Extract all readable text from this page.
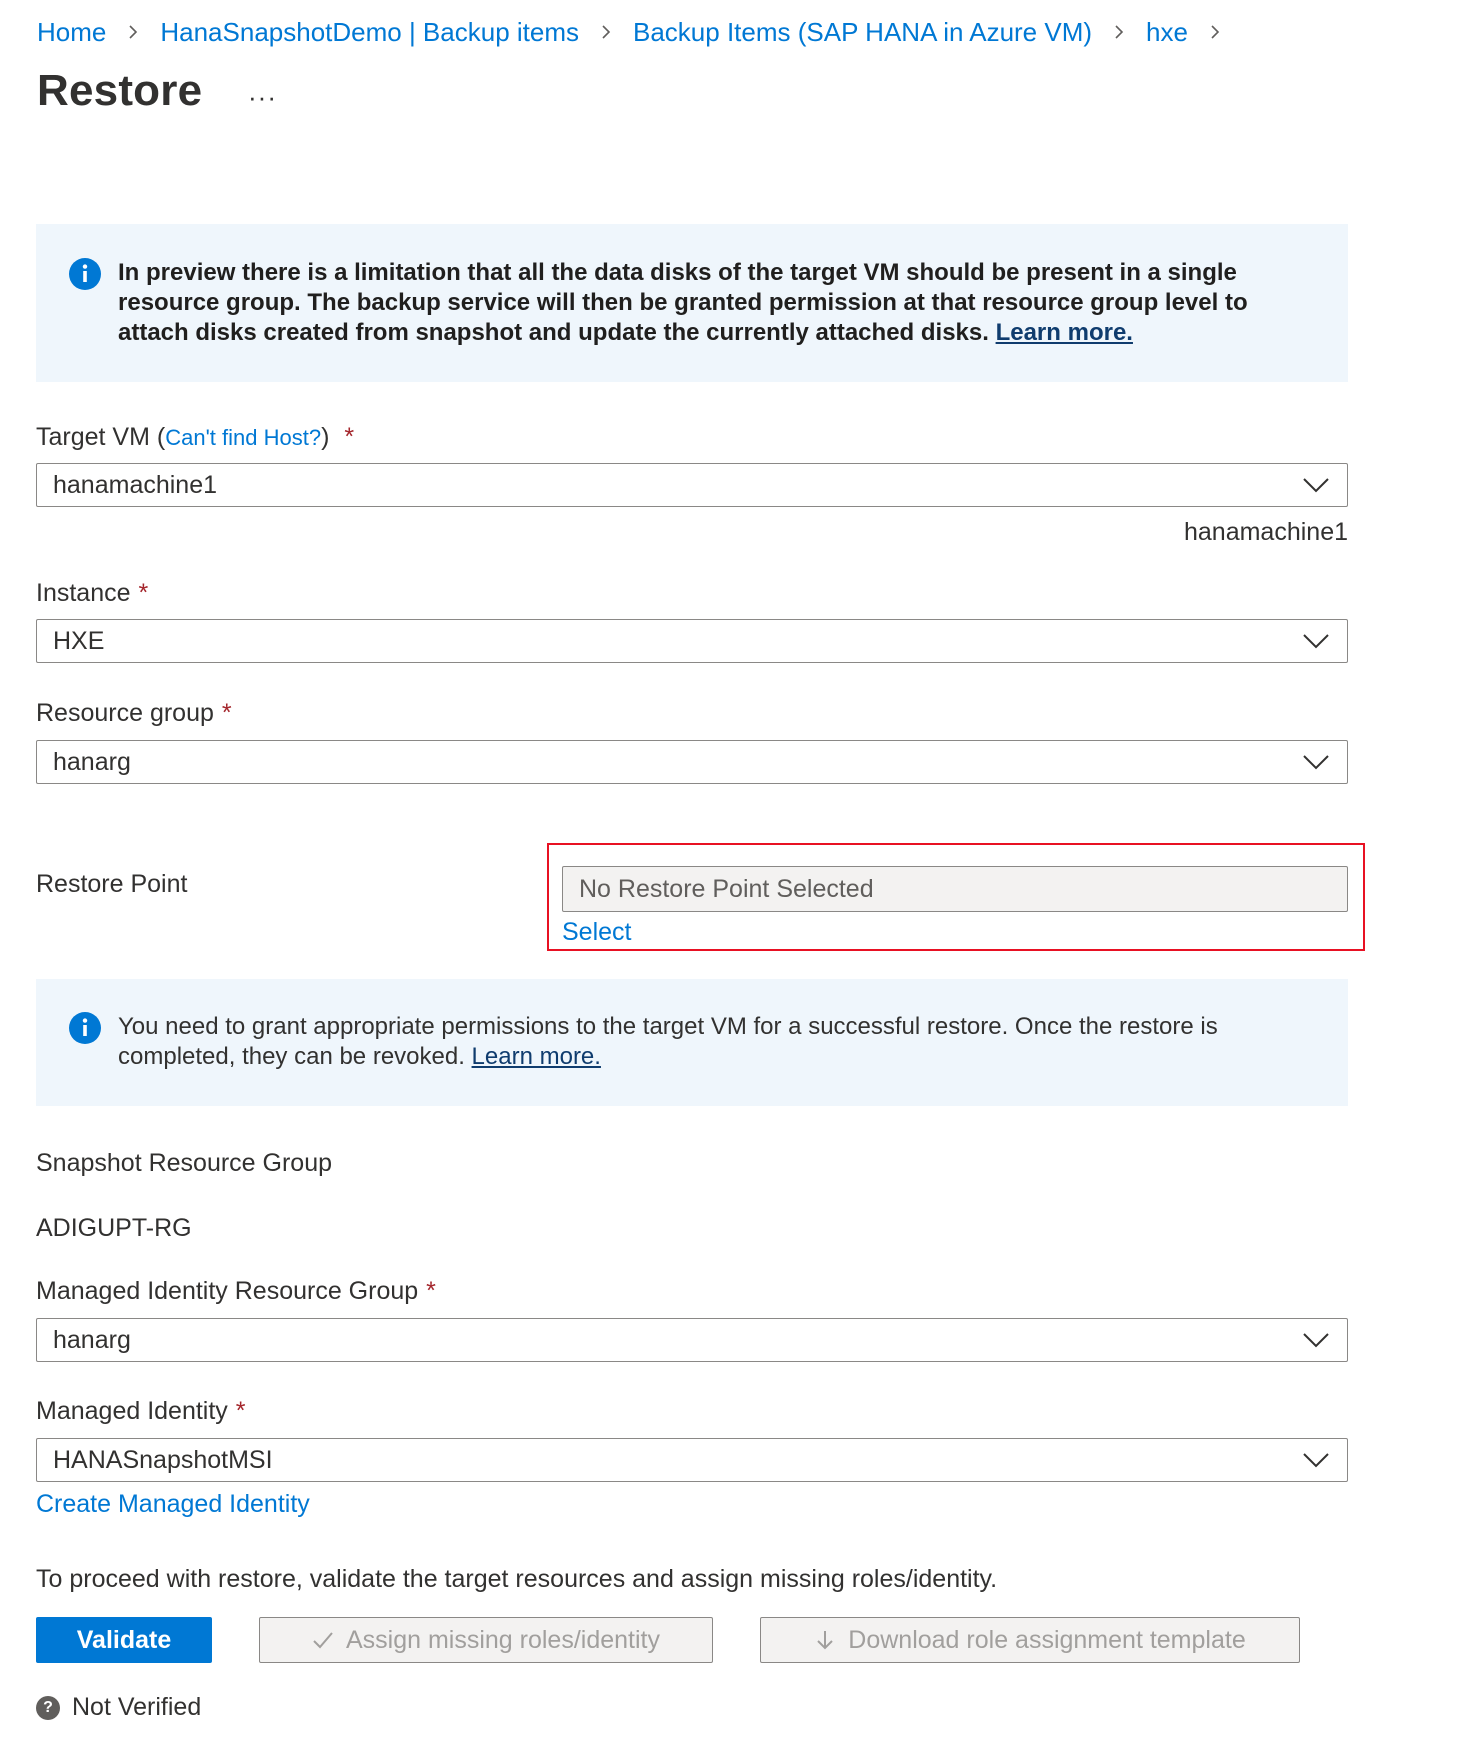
Home HanaSnapshotDemo | Backup items Backup Items (SAP HANA in Azure VM) hxe
Restore ···
In preview there is a limitation that all the data disks of the target VM should be present in a single resource group. The backup service will then be granted permission at that resource group level to attach disks created from snapshot and update the currently attached disks. Learn more.
Target VM (Can't find Host?) *
hanamachine1
hanamachine1
Instance *
HXE
Resource group *
hanarg
Restore Point	No Restore Point Selected
Select
You need to grant appropriate permissions to the target VM for a successful restore. Once the restore is completed, they can be revoked. Learn more.
Snapshot Resource Group
ADIGUPT-RG
Managed Identity Resource Group *
hanarg
Managed Identity *
HANASnapshotMSI
Create Managed Identity
To proceed with restore, validate the target resources and assign missing roles/identity.
Validate	Assign missing roles/identity	Download role assignment template
? Not Verified
